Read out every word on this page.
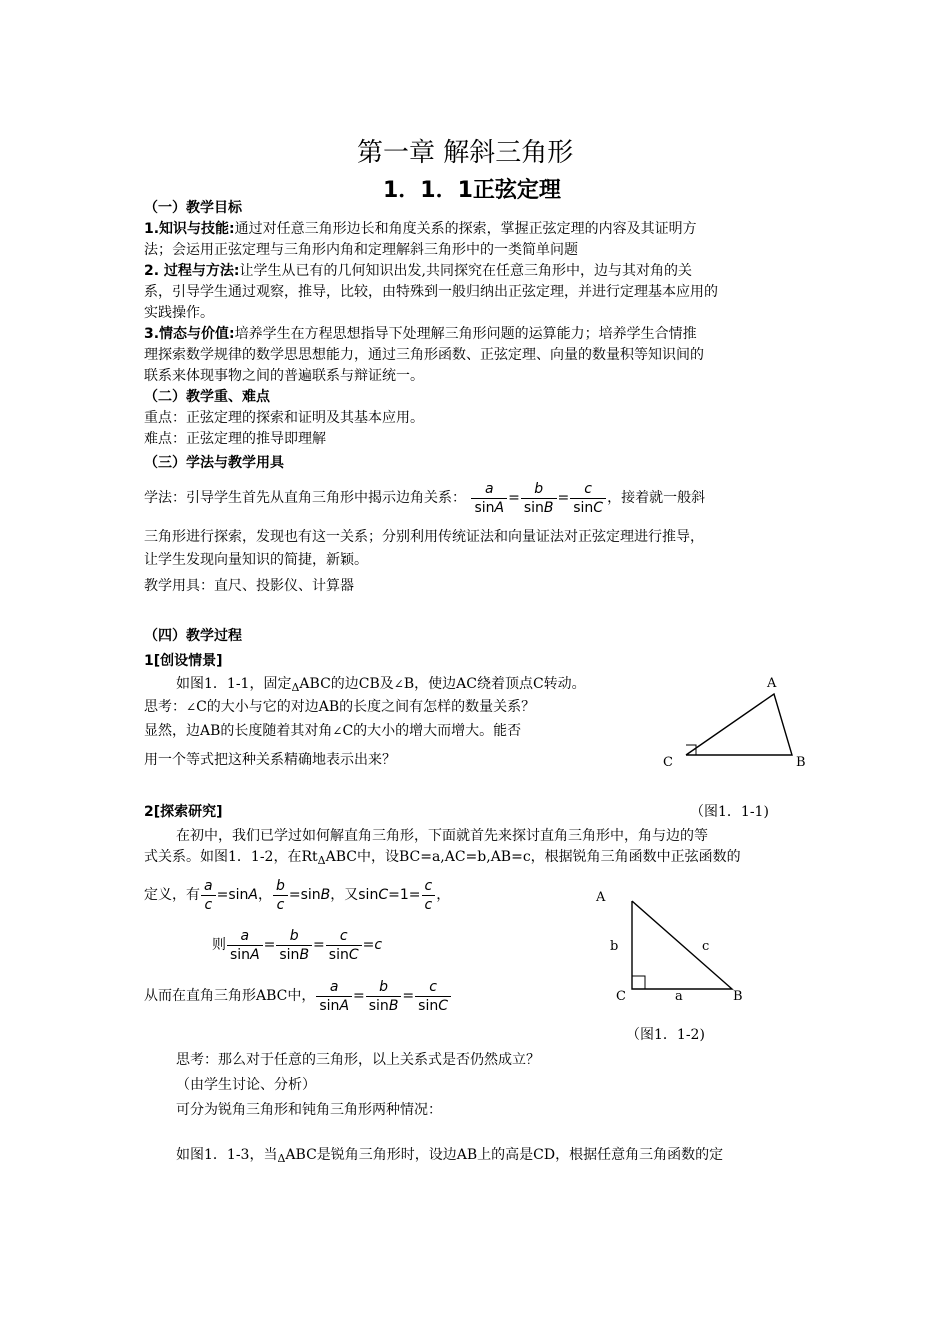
第一章 解斜三角形
1．1．1正弦定理
（一）教学目标
1.知识与技能:通过对任意三角形边长和角度关系的探索，掌握正弦定理的内容及其证明方
法；会运用正弦定理与三角形内角和定理解斜三角形中的一类简单问题
2. 过程与方法:让学生从已有的几何知识出发,共同探究在任意三角形中，边与其对角的关
系，引导学生通过观察，推导，比较，由特殊到一般归纳出正弦定理，并进行定理基本应用的
实践操作。
3.情态与价值:培养学生在方程思想指导下处理解三角形问题的运算能力；培养学生合情推
理探索数学规律的数学思思想能力，通过三角形函数、正弦定理、向量的数量积等知识间的
联系来体现事物之间的普遍联系与辩证统一。
（二）教学重、难点
重点：正弦定理的探索和证明及其基本应用。
难点：正弦定理的推导即理解
（三）学法与教学用具
学法：引导学生首先从直角三角形中揭示边角关系： $\frac{a}{\sin A} = \frac{b}{\sin B} = \frac{c}{\sin C}$ ，接着就一般斜
三角形进行探索，发现也有这一关系；分别利用传统证法和向量证法对正弦定理进行推导，
让学生发现向量知识的简捷，新颖。
教学用具：直尺、投影仪、计算器
（四）教学过程
1[创设情景]
如图1．1-1，固定$_\Delta$ABC的边CB及∠B，使边AC绕着顶点C转动。
思考：∠C的大小与它的对边AB的长度之间有怎样的数量关系？
显然，边AB的长度随着其对角∠C的大小的增大而增大。能否
用一个等式把这种关系精确地表示出来？
A
C	B
2[探索研究]	（图1．1-1)
在初中，我们已学过如何解直角三角形，下面就首先来探讨直角三角形中，角与边的等
式关系。如图1．1-2，在$Rt_\Delta ABC$中，设BC=a,AC=b,AB=c，根据锐角三角函数中正弦函数的
定义，有 $\frac{a}{c} =\sin A$， $\frac{b}{c} =\sin B$，又$\sin C=1= \frac{c}{c}$ ，
则 $\frac{a}{\sin A} = \frac{b}{\sin B} = \frac{c}{\sin C} =c$
从而在直角三角形ABC中， $\frac{a}{\sin A} = \frac{b}{\sin B} = \frac{c}{\sin C}$
A
b	c
C	a	B
（图1．1-2)
思考：那么对于任意的三角形，以上关系式是否仍然成立？
（由学生讨论、分析）
可分为锐角三角形和钝角三角形两种情况：
如图1．1-3，当$_\Delta$ABC是锐角三角形时，设边AB上的高是CD，根据任意角三角函数的定
